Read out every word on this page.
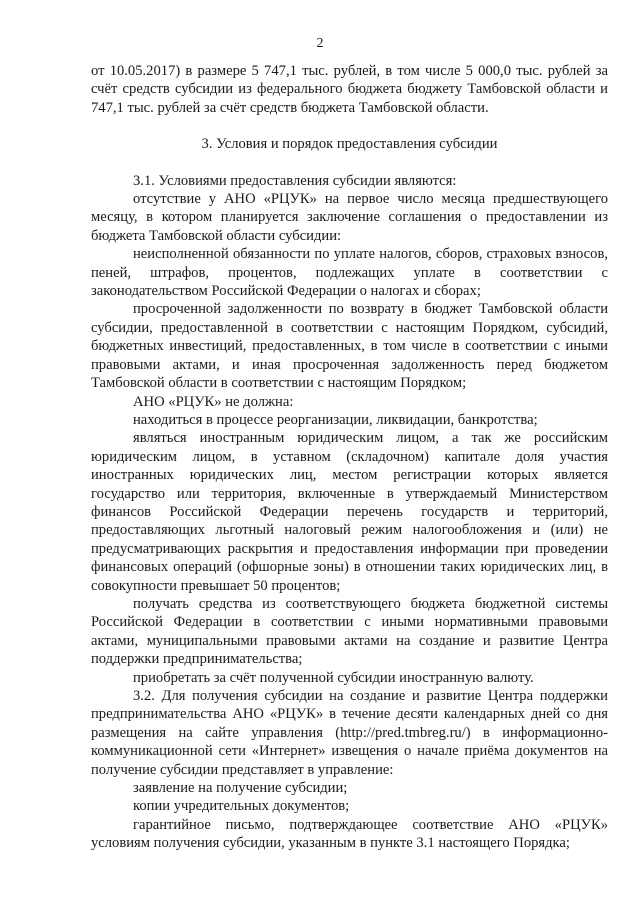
2

от 10.05.2017) в размере 5 747,1 тыс. рублей, в том числе 5 000,0 тыс. рублей за счёт средств субсидии из федерального бюджета бюджету Тамбовской области и 747,1 тыс. рублей за счёт средств бюджета Тамбовской области.

3. Условия и порядок предоставления субсидии

3.1. Условиями предоставления субсидии являются:

отсутствие у АНО «РЦУК» на первое число месяца предшествующего месяцу, в котором планируется заключение соглашения о предоставлении из бюджета Тамбовской области субсидии:

неисполненной обязанности по уплате налогов, сборов, страховых взносов, пеней, штрафов, процентов, подлежащих уплате в соответствии с законодательством Российской Федерации о налогах и сборах;

просроченной задолженности по возврату в бюджет Тамбовской области субсидии, предоставленной в соответствии с настоящим Порядком, субсидий, бюджетных инвестиций, предоставленных, в том числе в соответствии с иными правовыми актами, и иная просроченная задолженность перед бюджетом Тамбовской области в соответствии с настоящим Порядком;

АНО «РЦУК» не должна:

находиться в процессе реорганизации, ликвидации, банкротства;

являться иностранным юридическим лицом, а так же российским юридическим лицом, в уставном (складочном) капитале доля участия иностранных юридических лиц, местом регистрации которых является государство или территория, включенные в утверждаемый Министерством финансов Российской Федерации перечень государств и территорий, предоставляющих льготный налоговый режим налогообложения и (или) не предусматривающих раскрытия и предоставления информации при проведении финансовых операций (офшорные зоны) в отношении таких юридических лиц, в совокупности превышает 50 процентов;

получать средства из соответствующего бюджета бюджетной системы Российской Федерации в соответствии с иными нормативными правовыми актами, муниципальными правовыми актами на создание и развитие Центра поддержки предпринимательства;

приобретать за счёт полученной субсидии иностранную валюту.

3.2. Для получения субсидии на создание и развитие Центра поддержки предпринимательства АНО «РЦУК» в течение десяти календарных дней со дня размещения на сайте управления (http://pred.tmbreg.ru/) в информационно-коммуникационной сети «Интернет» извещения о начале приёма документов на получение субсидии представляет в управление:

заявление на получение субсидии;

копии учредительных документов;

гарантийное письмо, подтверждающее соответствие АНО «РЦУК» условиям получения субсидии, указанным в пункте 3.1 настоящего Порядка;
